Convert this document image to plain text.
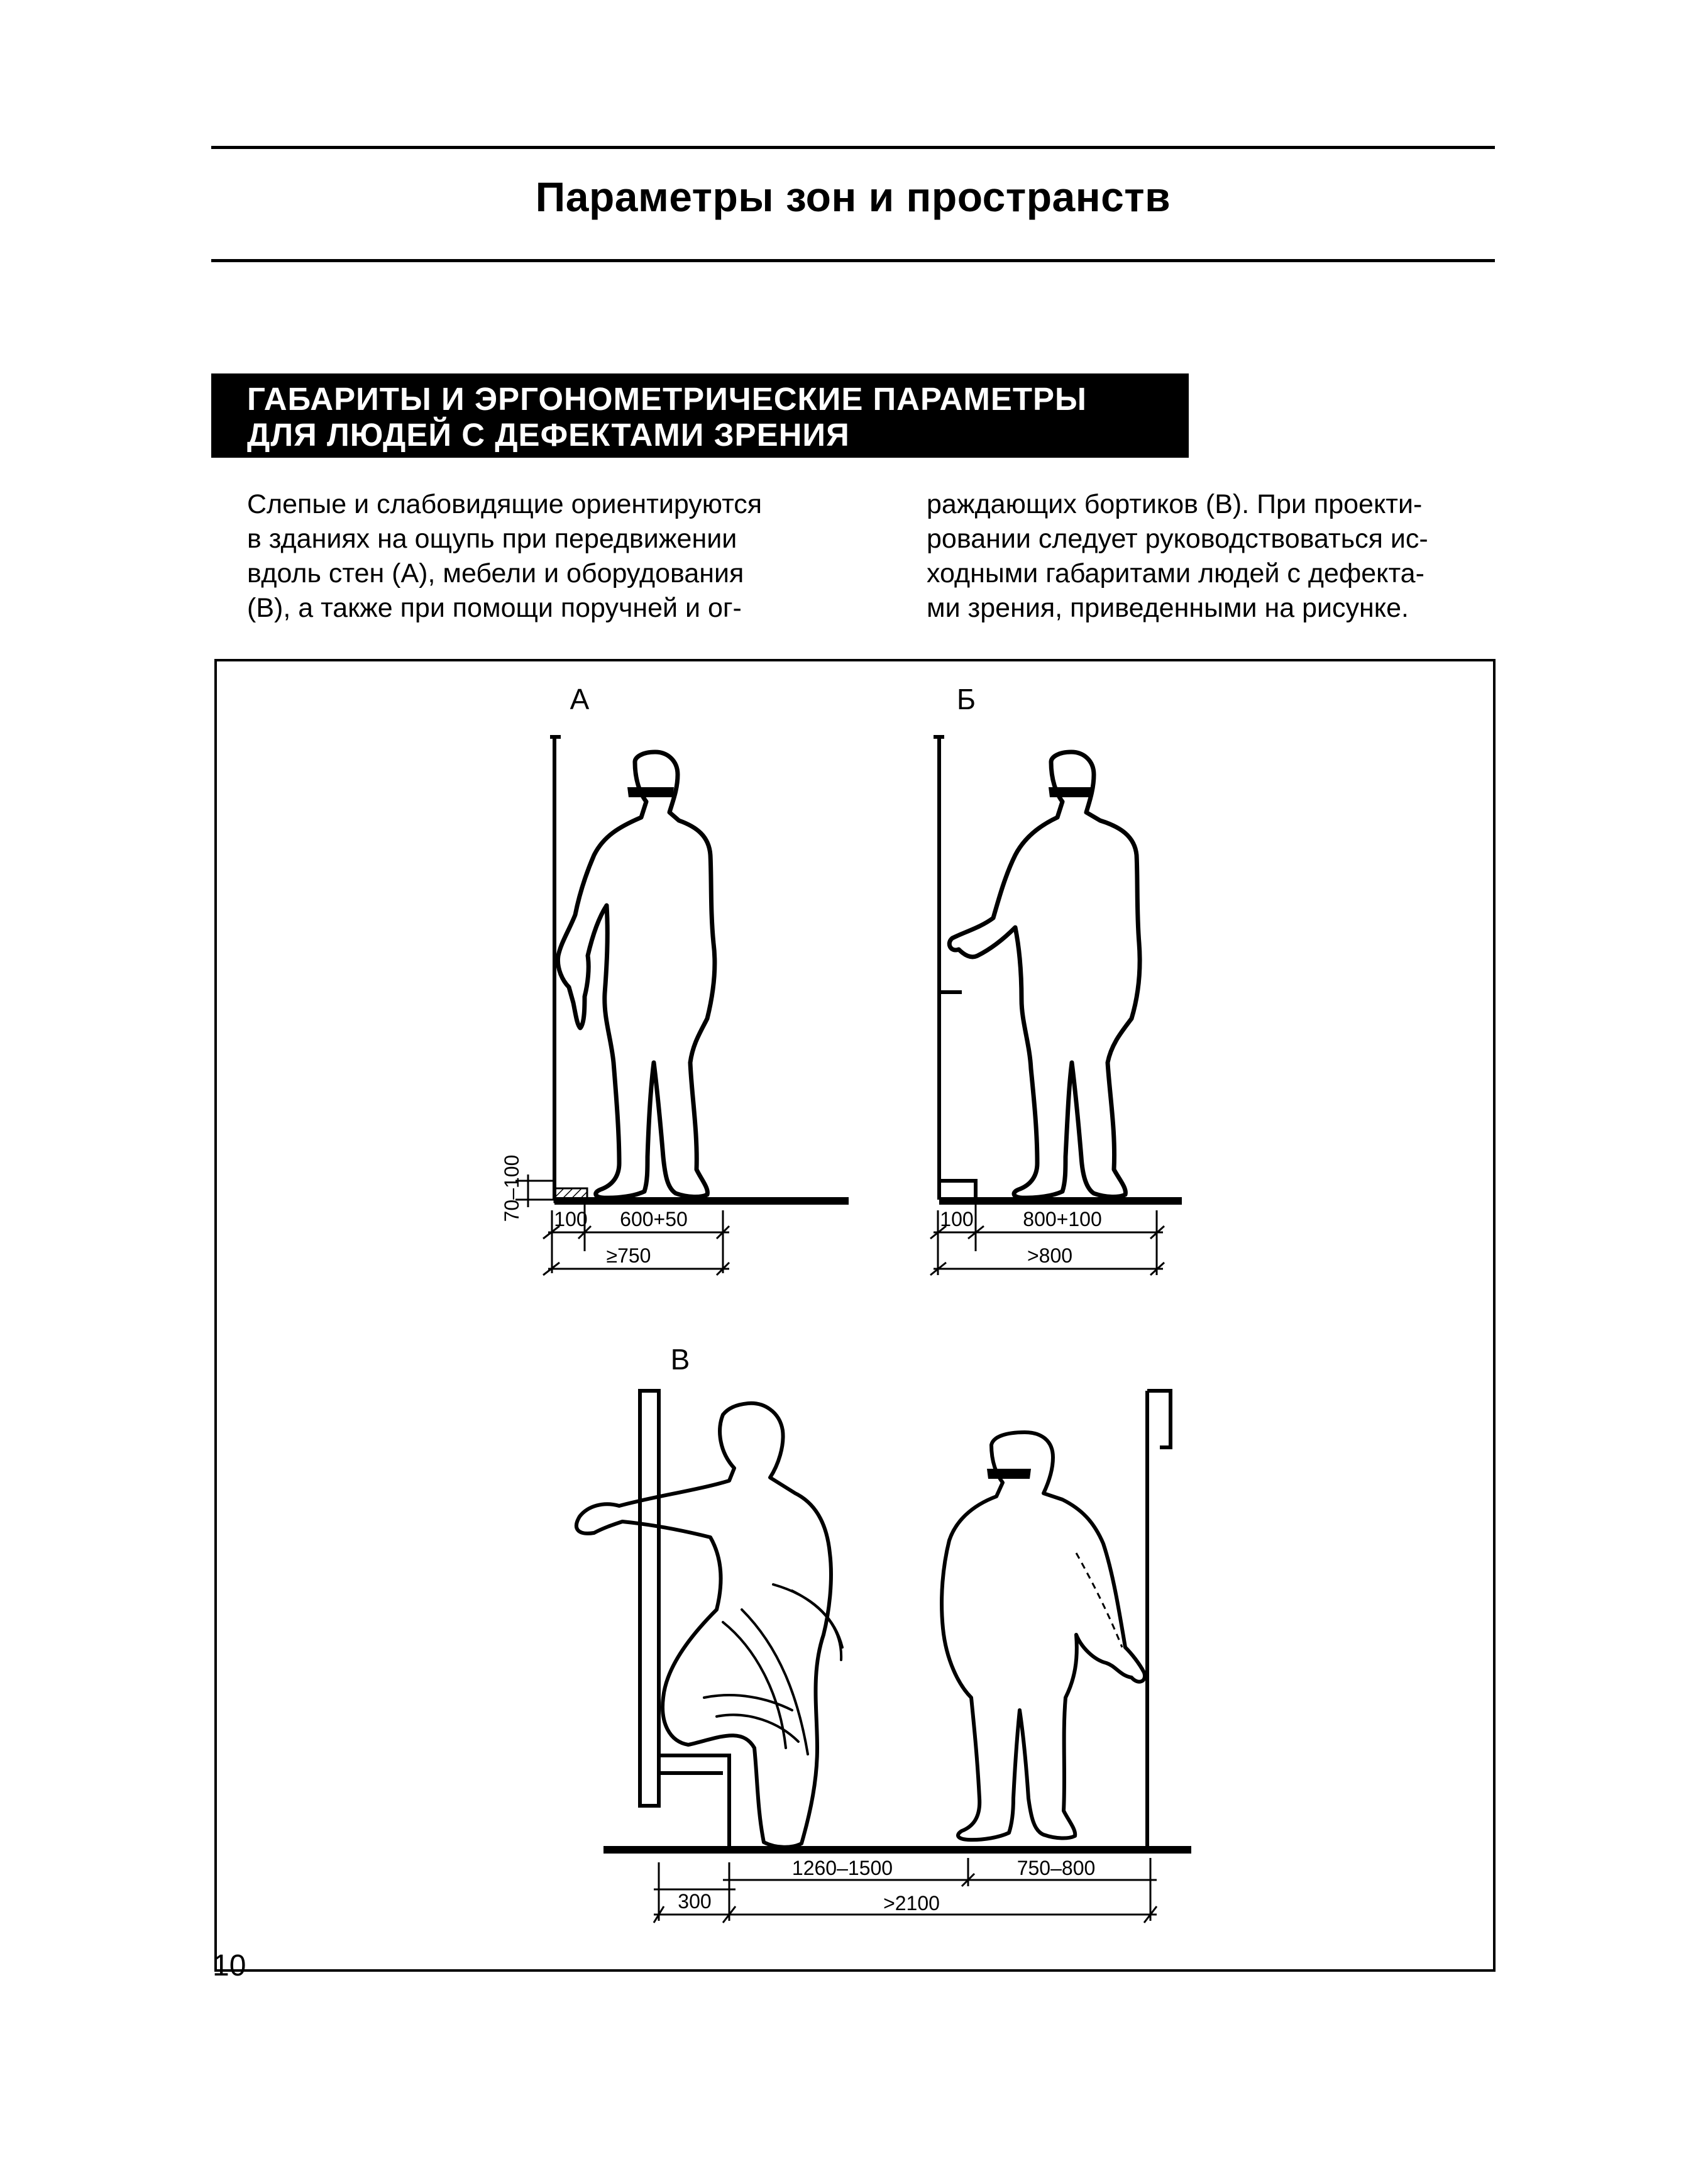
Параметры зон и пространств
ГАБАРИТЫ И ЭРГОНОМЕТРИЧЕСКИЕ ПАРАМЕТРЫ
ДЛЯ ЛЮДЕЙ С ДЕФЕКТАМИ ЗРЕНИЯ
Слепые и слабовидящие ориентируются
в зданиях на ощупь при передвижении
вдоль стен (А), мебели и оборудования
(В), а также при помощи поручней и ог-
раждающих бортиков (В). При проекти-
ровании следует руководствоваться ис-
ходными габаритами людей с дефекта-
ми зрения, приведенными на рисунке.
А
70–100 100 600+50
≥750
Б
100 800+100
>800
В
300
1260–1500	750–800
>2100
10
